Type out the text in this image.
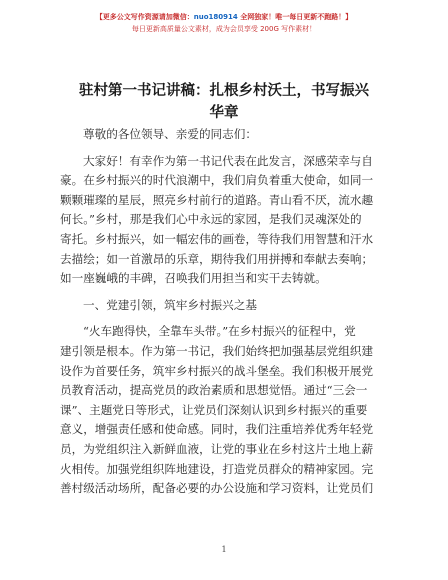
【更多公文写作资源请加微信：nuo180914 全网独家！唯一每日更新不跑路！】
每日更新高质量公文素材，成为会员享受 200G 写作素材！
驻村第一书记讲稿：扎根乡村沃土，书写振兴
华章
尊敬的各位领导、亲爱的同志们：
大家好！有幸作为第一书记代表在此发言，深感荣幸与自
豪。在乡村振兴的时代浪潮中，我们肩负着重大使命，如同一
颗颗璀璨的星辰，照亮乡村前行的道路。青山看不厌，流水趣
何长。”乡村，那是我们心中永远的家园，是我们灵魂深处的
寄托。乡村振兴，如一幅宏伟的画卷，等待我们用智慧和汗水
去描绘；如一首激昂的乐章，期待我们用拼搏和奉献去奏响；
如一座巍峨的丰碑，召唤我们用担当和实干去铸就。
一、党建引领，筑牢乡村振兴之基
“火车跑得快，全靠车头带。”在乡村振兴的征程中，党
建引领是根本。作为第一书记，我们始终把加强基层党组织建
设作为首要任务，筑牢乡村振兴的战斗堡垒。我们积极开展党
员教育活动，提高党员的政治素质和思想觉悟。通过“三会一
课”、主题党日等形式，让党员们深刻认识到乡村振兴的重要
意义，增强责任感和使命感。同时，我们注重培养优秀年轻党
员，为党组织注入新鲜血液，让党的事业在乡村这片土地上薪
火相传。加强党组织阵地建设，打造党员群众的精神家园。完
善村级活动场所，配备必要的办公设施和学习资料，让党员们
1
